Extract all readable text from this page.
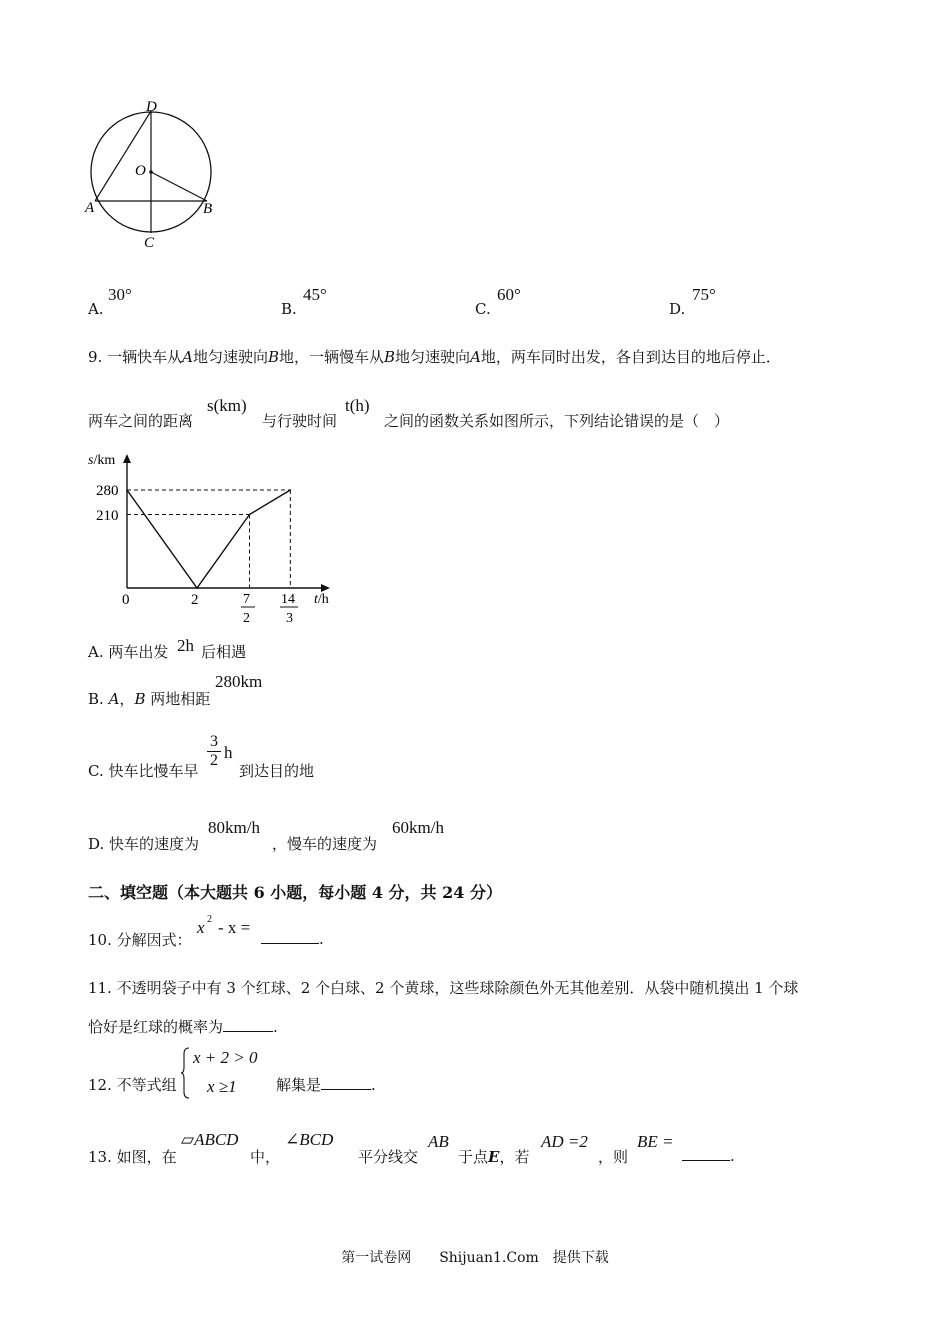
D
O
A	B
C
A.
30°
B.
45°
C.
60°
D.
75°
9. 一辆快车从A地匀速驶向B地，一辆慢车从B地匀速驶向A地，两车同时出发，各自到达目的地后停止．
两车之间的距离
s(km)
与行驶时间
t(h)
之间的函数关系如图所示，下列结论错误的是（　）
s/km
280
210
0	2	7
2
14
3
t/h
A. 两车出发 2h 后相遇
B. A，B 两地相距
280km
C. 快车比慢车早
3
2 h
到达目的地
D. 快车的速度为
80km/h
，慢车的速度为
60km/h
二、填空题（本大题共 6 小题，每小题 4 分，共 24 分）
10. 分解因式：
x 2 - x =
.
11. 不透明袋子中有 3 个红球、2 个白球、2 个黄球，这些球除颜色外无其他差别．从袋中随机摸出 1 个球
恰好是红球的概率为	.
12. 不等式组
x + 2 > 0
x ≥1	解集是	.
13. 如图，在
▱ABCD
中，
∠BCD
平分线交
AB
于点E，若
AD =2
，则
BE =
.
第一试卷网　　Shijuan1.Com　提供下载
